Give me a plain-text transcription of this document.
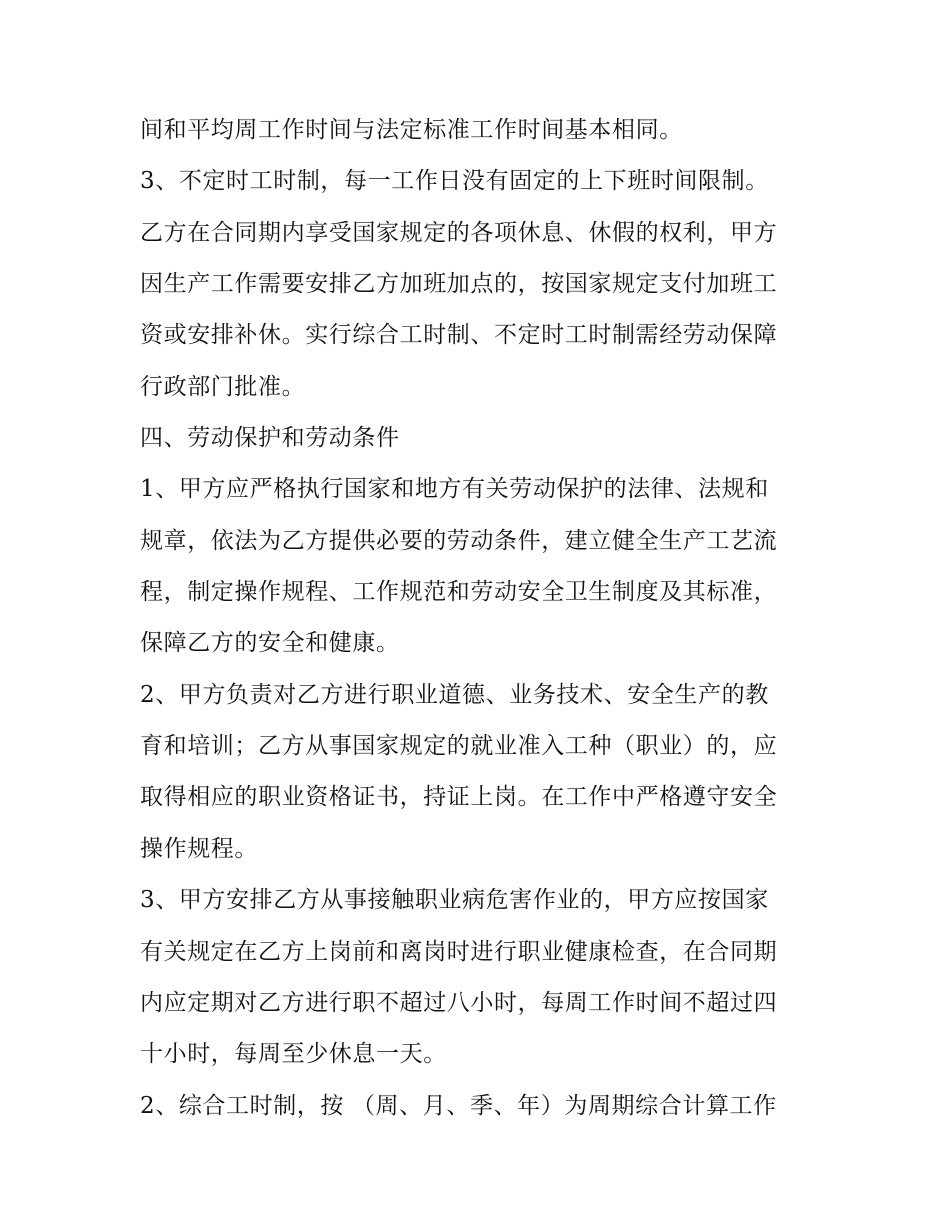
间和平均周工作时间与法定标准工作时间基本相同。
3、不定时工时制，每一工作日没有固定的上下班时间限制。
乙方在合同期内享受国家规定的各项休息、休假的权利，甲方
因生产工作需要安排乙方加班加点的，按国家规定支付加班工
资或安排补休。实行综合工时制、不定时工时制需经劳动保障
行政部门批准。
四、劳动保护和劳动条件
1、甲方应严格执行国家和地方有关劳动保护的法律、法规和
规章，依法为乙方提供必要的劳动条件，建立健全生产工艺流
程，制定操作规程、工作规范和劳动安全卫生制度及其标准，
保障乙方的安全和健康。
2、甲方负责对乙方进行职业道德、业务技术、安全生产的教
育和培训；乙方从事国家规定的就业准入工种（职业）的，应
取得相应的职业资格证书，持证上岗。在工作中严格遵守安全
操作规程。
3、甲方安排乙方从事接触职业病危害作业的，甲方应按国家
有关规定在乙方上岗前和离岗时进行职业健康检查，在合同期
内应定期对乙方进行职不超过八小时，每周工作时间不超过四
十小时，每周至少休息一天。
2、综合工时制，按 （周、月、季、年）为周期综合计算工作
